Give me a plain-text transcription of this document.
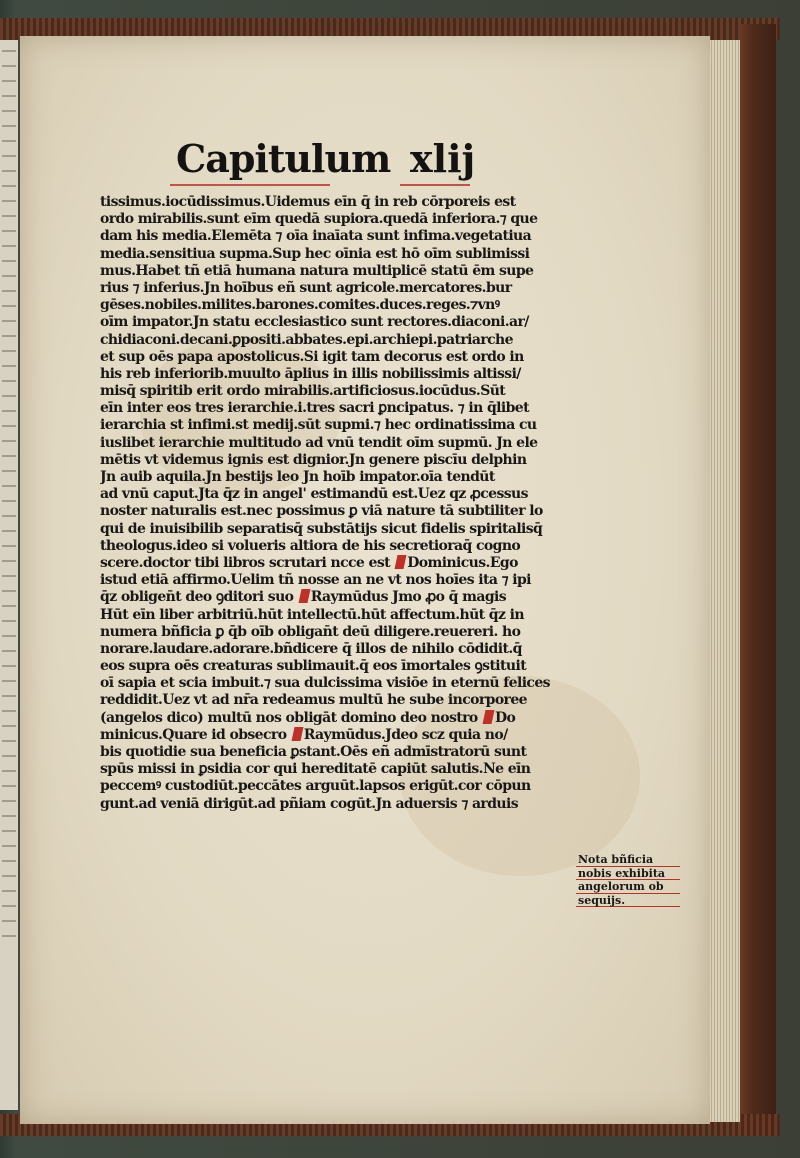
Capitulum xlij
tissimus.iocūdissimus.Uidemus eīn q̄ in reb cōrporeis est
ordo mirabilis.sunt eīm quedā supiora.quedā inferiora.⁊ que
dam his media.Elemēta ⁊ oīa inaīata sunt infima.vegetatiua
media.sensitiua supma.Sup hec oīnia est hō oīm sublimissi
mus.Habet tñ etiā humana natura multiplicē statū ēm supe
rius ⁊ inferius.Jn hoībus eñ sunt agricole.mercatores.bur
gēses.nobiles.milites.barones.comites.duces.reges.⁊vnꝰ
oīm impator.Jn statu ecclesiastico sunt rectores.diaconi.ar/
chidiaconi.decani.ꝑpositi.abbates.epi.archiepi.patriarche
et sup oēs papa apostolicus.Si igit̄ tam decorus est ordo in
his reb inferiorib.muulto āplius in illis nobilissimis altissi/
misq̄ spiritib erit ordo mirabilis.artificiosus.iocūdus.Sūt
eīn inter eos tres ierarchie.i.tres sacri ꝑncipatus. ⁊ in q̄libet
ierarchia st̄ infimi.st̄ medij.sūt supmi.⁊ hec ordinatissima cu
iuslibet ierarchie multitudo ad vnū tendit oīm supmū. Jn ele
mētis vt videmus ignis est dignior.Jn genere piscīu delphin
Jn auib aquila.Jn bestijs leo Jn hoīb impator.oīa tendūt
ad vnū caput.Jta q̄z in angel' estimandū est.Uez qz ꝓcessus
noster naturalis est.nec possimus ꝑ viā nature tā subtiliter lo
qui de inuisibilib separatisq̄ substātijs sicut fidelis spiritalisq̄
theologus.ideo si volueris altiora de his secretioraq̄ cogno
scere.doctor tibi libros scrutari ncce est Dominicus.Ego
istud etiā affirmo.Uelim tñ nosse an ne vt nos hoīes ita ⁊ ipi
q̄z obligen̄t deo ꝯditori suo Raymūdus Jmo ꝓo q̄ magis
Hūt eīn liber arbitriū.hūt intellectū.hūt affectum.hūt q̄z in
numera bñficia ꝑ q̄b oīb obligan̄t deū diligere.reuereri. ho
norare.laudare.adorare.bñdicere q̄ illos de nihilo cōdidit.q̄
eos supra oēs creaturas sublimauit.q̄ eos īmortales ꝯstituit
oī sapia et scia imbuit.⁊ sua dulcissima visiōe in eternū felices
reddidit.Uez vt ad nr̄a redeamus multū he sube incorporee
(angelos dico) multū nos obligāt domino deo nostro Do
minicus.Quare id obsecro Raymūdus.Jdeo scz quia no/
bis quotidie sua beneficia ꝑstant.Oēs eñ admīstratorū sunt
spūs missi in ꝑsidia cor qui hereditatē capiūt salutis.Ne eīn
peccemꝰ custodiūt.peccātes arguūt.lapsos erigūt.cor cōpun
gunt.ad veniā dirigūt.ad pñiam cogūt.Jn aduersis ⁊ arduis
Nota bñficia
nobis exhibita
angelorum ob
sequijs.
